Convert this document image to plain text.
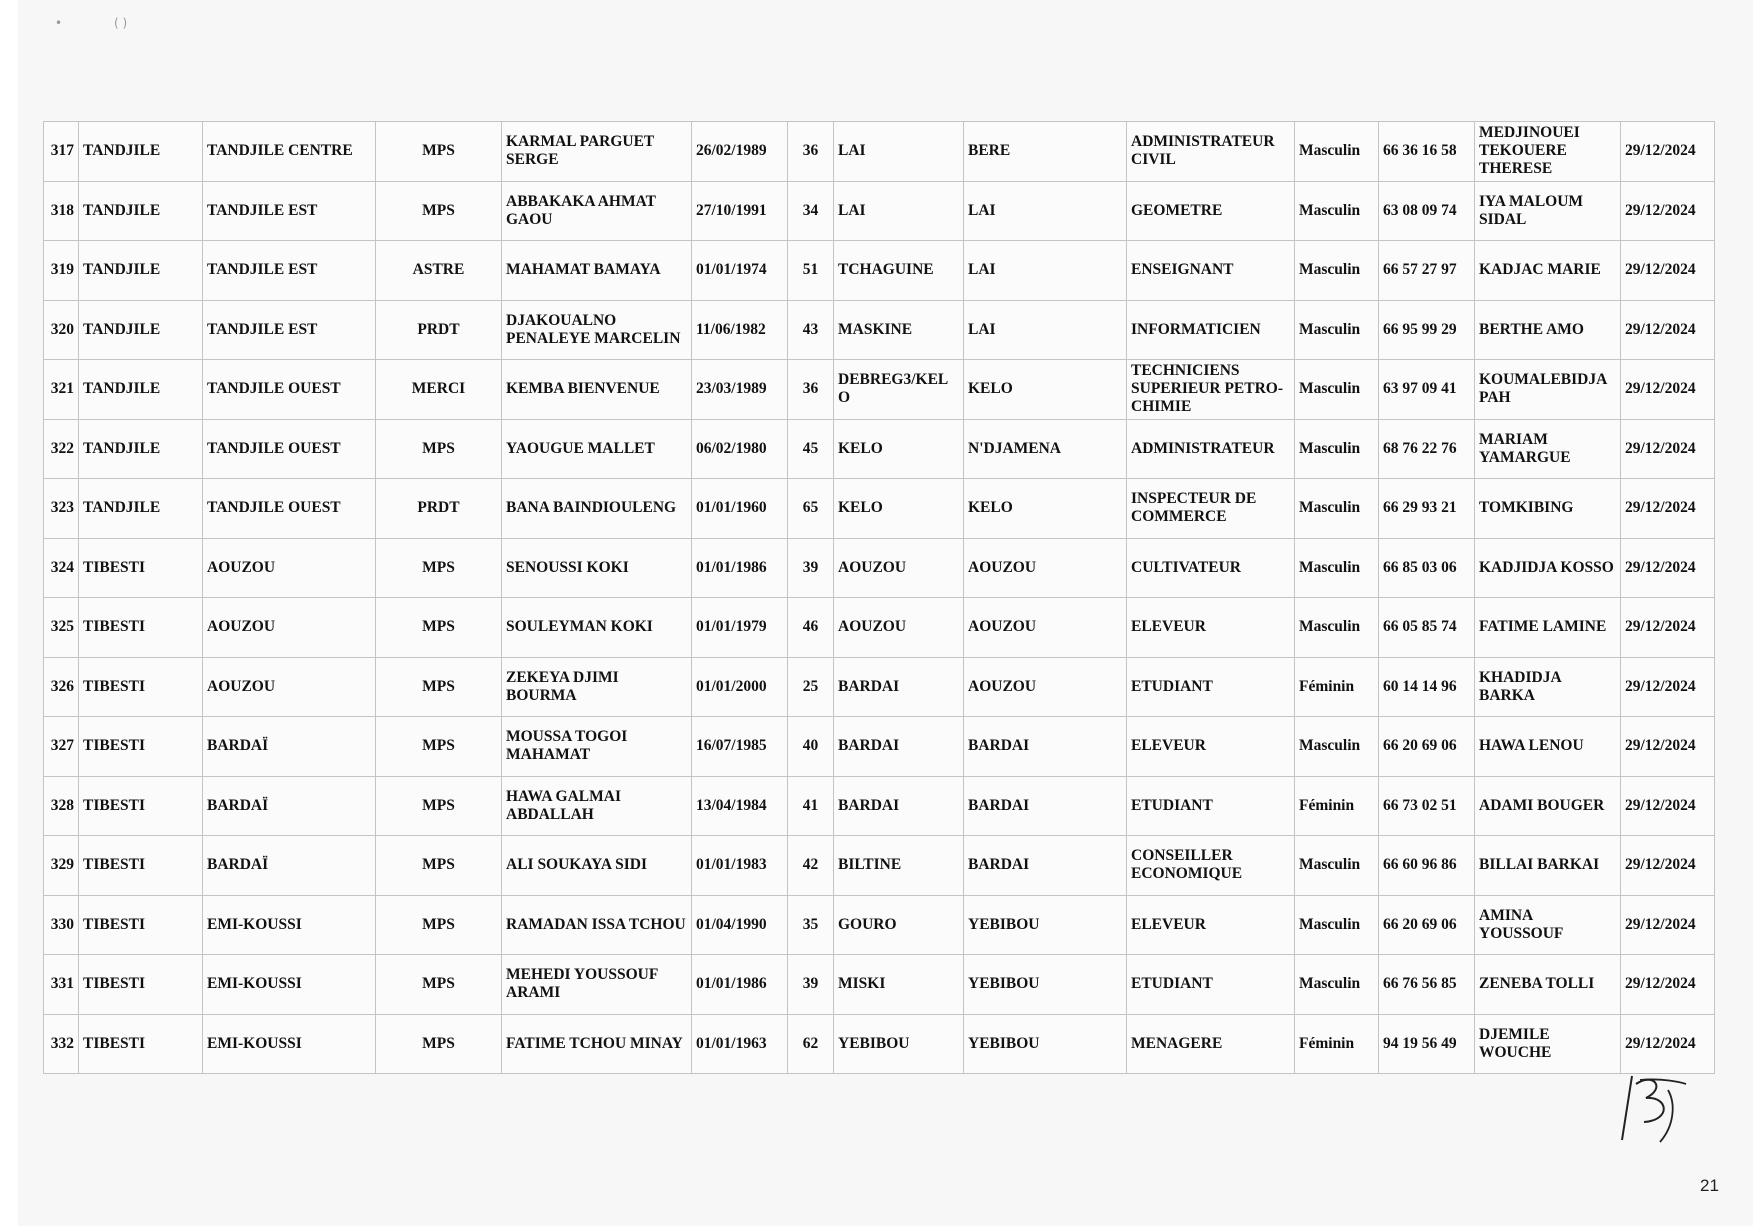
•	( )
317	TANDJILE	TANDJILE CENTRE	MPS	KARMAL PARGUET SERGE	26/02/1989	36	LAI	BERE	ADMINISTRATEUR CIVIL	Masculin	66 36 16 58	MEDJINOUEI TEKOUERE THERESE	29/12/2024
318	TANDJILE	TANDJILE EST	MPS	ABBAKAKA AHMAT GAOU	27/10/1991	34	LAI	LAI	GEOMETRE	Masculin	63 08 09 74	IYA MALOUM SIDAL	29/12/2024
319	TANDJILE	TANDJILE EST	ASTRE	MAHAMAT BAMAYA	01/01/1974	51	TCHAGUINE	LAI	ENSEIGNANT	Masculin	66 57 27 97	KADJAC MARIE	29/12/2024
320	TANDJILE	TANDJILE EST	PRDT	DJAKOUALNO PENALEYE MARCELIN	11/06/1982	43	MASKINE	LAI	INFORMATICIEN	Masculin	66 95 99 29	BERTHE AMO	29/12/2024
321	TANDJILE	TANDJILE OUEST	MERCI	KEMBA BIENVENUE	23/03/1989	36	DEBREG3/KELO	KELO	TECHNICIENS SUPERIEUR PETRO-CHIMIE	Masculin	63 97 09 41	KOUMALEBIDJA PAH	29/12/2024
322	TANDJILE	TANDJILE OUEST	MPS	YAOUGUE MALLET	06/02/1980	45	KELO	N'DJAMENA	ADMINISTRATEUR	Masculin	68 76 22 76	MARIAM YAMARGUE	29/12/2024
323	TANDJILE	TANDJILE OUEST	PRDT	BANA BAINDIOULENG	01/01/1960	65	KELO	KELO	INSPECTEUR DE COMMERCE	Masculin	66 29 93 21	TOMKIBING	29/12/2024
324	TIBESTI	AOUZOU	MPS	SENOUSSI KOKI	01/01/1986	39	AOUZOU	AOUZOU	CULTIVATEUR	Masculin	66 85 03 06	KADJIDJA KOSSO	29/12/2024
325	TIBESTI	AOUZOU	MPS	SOULEYMAN KOKI	01/01/1979	46	AOUZOU	AOUZOU	ELEVEUR	Masculin	66 05 85 74	FATIME LAMINE	29/12/2024
326	TIBESTI	AOUZOU	MPS	ZEKEYA DJIMI BOURMA	01/01/2000	25	BARDAI	AOUZOU	ETUDIANT	Féminin	60 14 14 96	KHADIDJA BARKA	29/12/2024
327	TIBESTI	BARDAÏ	MPS	MOUSSA TOGOI MAHAMAT	16/07/1985	40	BARDAI	BARDAI	ELEVEUR	Masculin	66 20 69 06	HAWA LENOU	29/12/2024
328	TIBESTI	BARDAÏ	MPS	HAWA GALMAI ABDALLAH	13/04/1984	41	BARDAI	BARDAI	ETUDIANT	Féminin	66 73 02 51	ADAMI BOUGER	29/12/2024
329	TIBESTI	BARDAÏ	MPS	ALI SOUKAYA SIDI	01/01/1983	42	BILTINE	BARDAI	CONSEILLER ECONOMIQUE	Masculin	66 60 96 86	BILLAI BARKAI	29/12/2024
330	TIBESTI	EMI-KOUSSI	MPS	RAMADAN ISSA TCHOU	01/04/1990	35	GOURO	YEBIBOU	ELEVEUR	Masculin	66 20 69 06	AMINA YOUSSOUF	29/12/2024
331	TIBESTI	EMI-KOUSSI	MPS	MEHEDI YOUSSOUF ARAMI	01/01/1986	39	MISKI	YEBIBOU	ETUDIANT	Masculin	66 76 56 85	ZENEBA TOLLI	29/12/2024
332	TIBESTI	EMI-KOUSSI	MPS	FATIME TCHOU MINAY	01/01/1963	62	YEBIBOU	YEBIBOU	MENAGERE	Féminin	94 19 56 49	DJEMILE WOUCHE	29/12/2024
21
